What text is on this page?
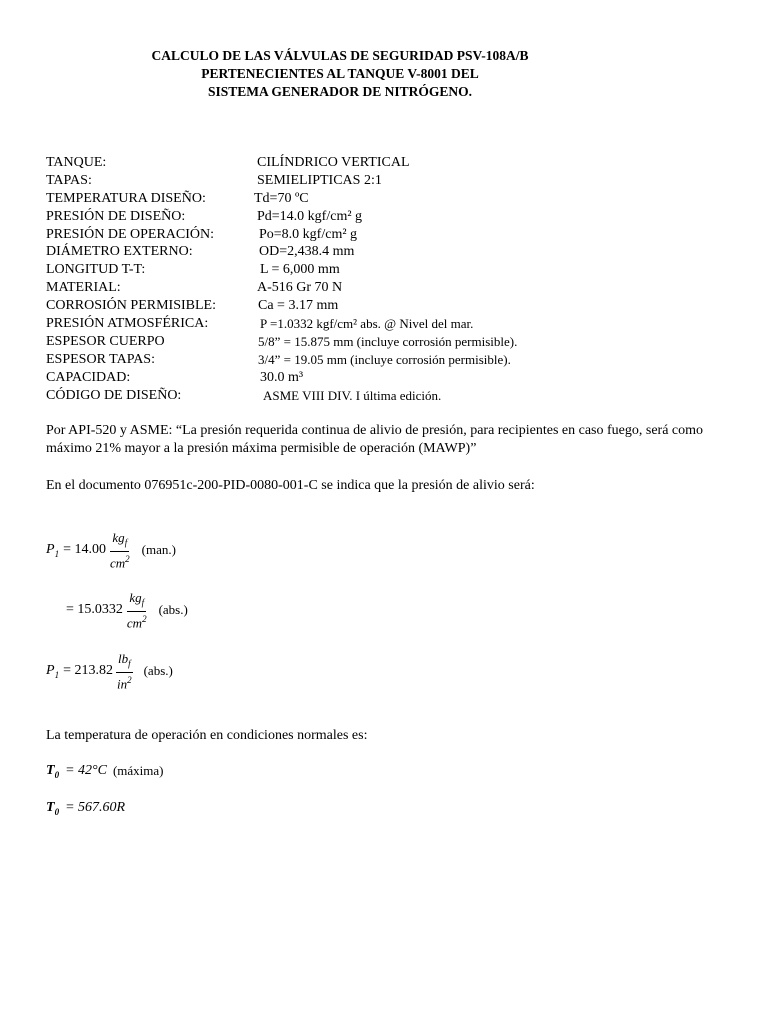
CALCULO DE LAS VÁLVULAS DE SEGURIDAD PSV-108A/B
PERTENECIENTES AL TANQUE V-8001 DEL
SISTEMA GENERADOR DE NITRÓGENO.
TANQUE:	CILÍNDRICO VERTICAL
TAPAS:	SEMIELIPTICAS 2:1
TEMPERATURA DISEÑO:	Td=70 ºC
PRESIÓN DE DISEÑO:	Pd=14.0 kgf/cm² g
PRESIÓN DE OPERACIÓN:	Po=8.0 kgf/cm² g
DIÁMETRO EXTERNO:	OD=2,438.4 mm
LONGITUD T-T:	L = 6,000 mm
MATERIAL:	A-516 Gr 70 N
CORROSIÓN PERMISIBLE:	Ca = 3.17 mm
PRESIÓN ATMOSFÉRICA:	P =1.0332 kgf/cm² abs. @ Nivel del mar.
ESPESOR CUERPO	5/8” = 15.875 mm (incluye corrosión permisible).
ESPESOR TAPAS:	3/4” = 19.05 mm (incluye corrosión permisible).
CAPACIDAD:	30.0 m³
CÓDIGO DE DISEÑO:	ASME VIII DIV. I última edición.
Por API-520 y ASME: “La presión requerida continua de alivio de presión, para recipientes en caso fuego, será como máximo 21% mayor a la presión máxima permisible de operación (MAWP)”
En el documento 076951c-200-PID-0080-001-C se indica que la presión de alivio será:
$P_1 = 14.00 \frac{kg_f}{cm^2} (man.)$
= $15.0332 \frac{kg_f}{cm^2} (abs.)$
$P_1 = 213.82 \frac{lb_f}{in^2} (abs.)$
La temperatura de operación en condiciones normales es:
$T_0 = 42^\circ C$ (máxima)
$T_0 = 567.60R$
